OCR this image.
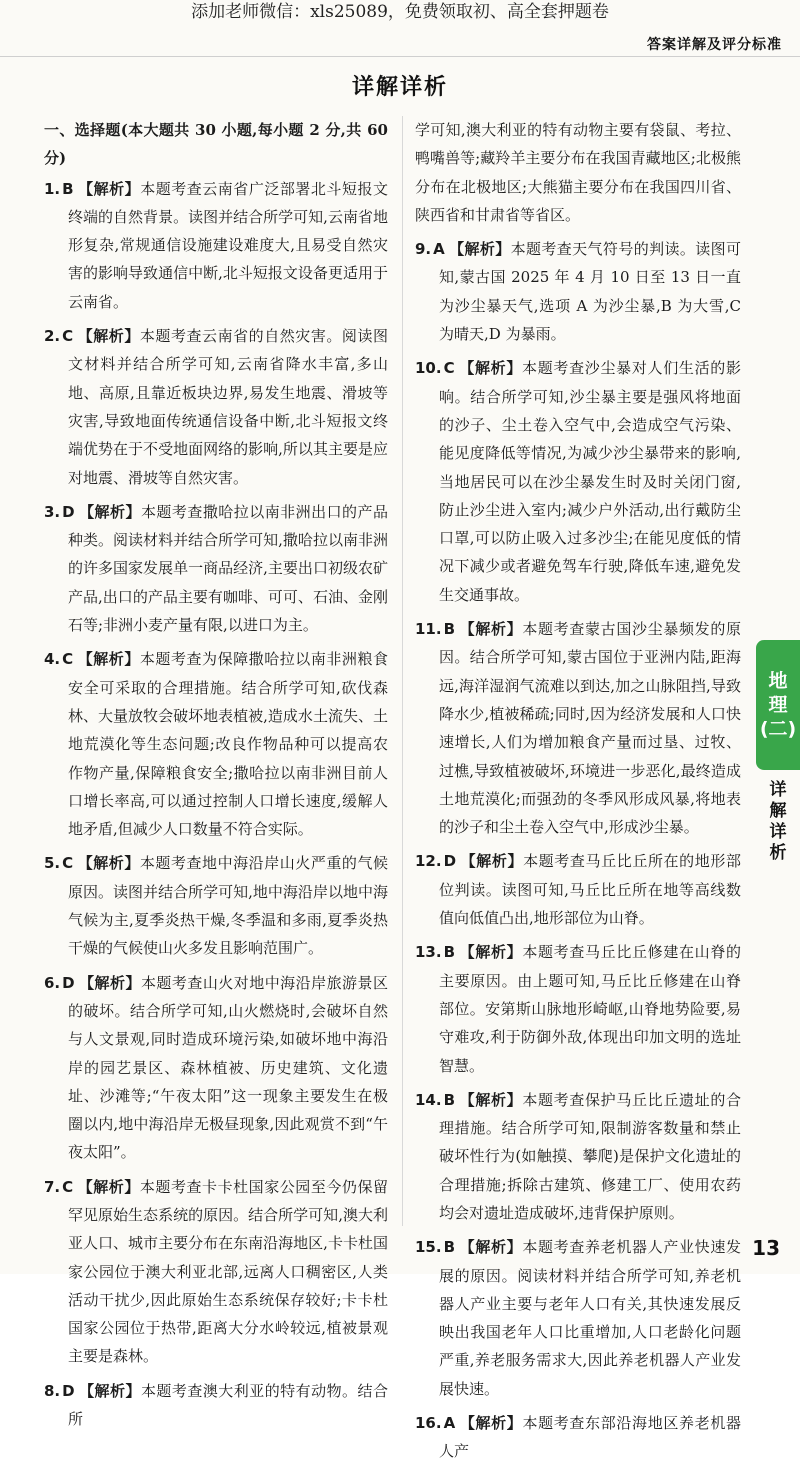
添加老师微信：xls25089，免费领取初、高全套押题卷
答案详解及评分标准
详解详析
一、选择题(本大题共 30 小题,每小题 2 分,共 60 分)
1. B 【解析】本题考查云南省广泛部署北斗短报文终端的自然背景。读图并结合所学可知,云南省地形复杂,常规通信设施建设难度大,且易受自然灾害的影响导致通信中断,北斗短报文设备更适用于云南省。
2. C 【解析】本题考查云南省的自然灾害。阅读图文材料并结合所学可知,云南省降水丰富,多山地、高原,且靠近板块边界,易发生地震、滑坡等灾害,导致地面传统通信设备中断,北斗短报文终端优势在于不受地面网络的影响,所以其主要是应对地震、滑坡等自然灾害。
3. D 【解析】本题考查撒哈拉以南非洲出口的产品种类。阅读材料并结合所学可知,撒哈拉以南非洲的许多国家发展单一商品经济,主要出口初级农矿产品,出口的产品主要有咖啡、可可、石油、金刚石等;非洲小麦产量有限,以进口为主。
4. C 【解析】本题考查为保障撒哈拉以南非洲粮食安全可采取的合理措施。结合所学可知,砍伐森林、大量放牧会破坏地表植被,造成水土流失、土地荒漠化等生态问题;改良作物品种可以提高农作物产量,保障粮食安全;撒哈拉以南非洲目前人口增长率高,可以通过控制人口增长速度,缓解人地矛盾,但减少人口数量不符合实际。
5. C 【解析】本题考查地中海沿岸山火严重的气候原因。读图并结合所学可知,地中海沿岸以地中海气候为主,夏季炎热干燥,冬季温和多雨,夏季炎热干燥的气候使山火多发且影响范围广。
6. D 【解析】本题考查山火对地中海沿岸旅游景区的破坏。结合所学可知,山火燃烧时,会破坏自然与人文景观,同时造成环境污染,如破坏地中海沿岸的园艺景区、森林植被、历史建筑、文化遗址、沙滩等;“午夜太阳”这一现象主要发生在极圈以内,地中海沿岸无极昼现象,因此观赏不到“午夜太阳”。
7. C 【解析】本题考查卡卡杜国家公园至今仍保留罕见原始生态系统的原因。结合所学可知,澳大利亚人口、城市主要分布在东南沿海地区,卡卡杜国家公园位于澳大利亚北部,远离人口稠密区,人类活动干扰少,因此原始生态系统保存较好;卡卡杜国家公园位于热带,距离大分水岭较远,植被景观主要是森林。
8. D 【解析】本题考查澳大利亚的特有动物。结合所
学可知,澳大利亚的特有动物主要有袋鼠、考拉、鸭嘴兽等;藏羚羊主要分布在我国青藏地区;北极熊分布在北极地区;大熊猫主要分布在我国四川省、陕西省和甘肃省等省区。
9. A 【解析】本题考查天气符号的判读。读图可知,蒙古国 2025 年 4 月 10 日至 13 日一直为沙尘暴天气,选项 A 为沙尘暴,B 为大雪,C 为晴天,D 为暴雨。
10. C 【解析】本题考查沙尘暴对人们生活的影响。结合所学可知,沙尘暴主要是强风将地面的沙子、尘土卷入空气中,会造成空气污染、能见度降低等情况,为减少沙尘暴带来的影响,当地居民可以在沙尘暴发生时及时关闭门窗,防止沙尘进入室内;减少户外活动,出行戴防尘口罩,可以防止吸入过多沙尘;在能见度低的情况下减少或者避免驾车行驶,降低车速,避免发生交通事故。
11. B 【解析】本题考查蒙古国沙尘暴频发的原因。结合所学可知,蒙古国位于亚洲内陆,距海远,海洋湿润气流难以到达,加之山脉阻挡,导致降水少,植被稀疏;同时,因为经济发展和人口快速增长,人们为增加粮食产量而过垦、过牧、过樵,导致植被破坏,环境进一步恶化,最终造成土地荒漠化;而强劲的冬季风形成风暴,将地表的沙子和尘土卷入空气中,形成沙尘暴。
12. D 【解析】本题考查马丘比丘所在的地形部位判读。读图可知,马丘比丘所在地等高线数值向低值凸出,地形部位为山脊。
13. B 【解析】本题考查马丘比丘修建在山脊的主要原因。由上题可知,马丘比丘修建在山脊部位。安第斯山脉地形崎岖,山脊地势险要,易守难攻,利于防御外敌,体现出印加文明的选址智慧。
14. B 【解析】本题考查保护马丘比丘遗址的合理措施。结合所学可知,限制游客数量和禁止破坏性行为(如触摸、攀爬)是保护文化遗址的合理措施;拆除古建筑、修建工厂、使用农药均会对遗址造成破坏,违背保护原则。
15. B 【解析】本题考查养老机器人产业快速发展的原因。阅读材料并结合所学可知,养老机器人产业主要与老年人口有关,其快速发展反映出我国老年人口比重增加,人口老龄化问题严重,养老服务需求大,因此养老机器人产业发展快速。
16. A 【解析】本题考查东部沿海地区养老机器人产
地
理
(二)
详
解
详
析
13
